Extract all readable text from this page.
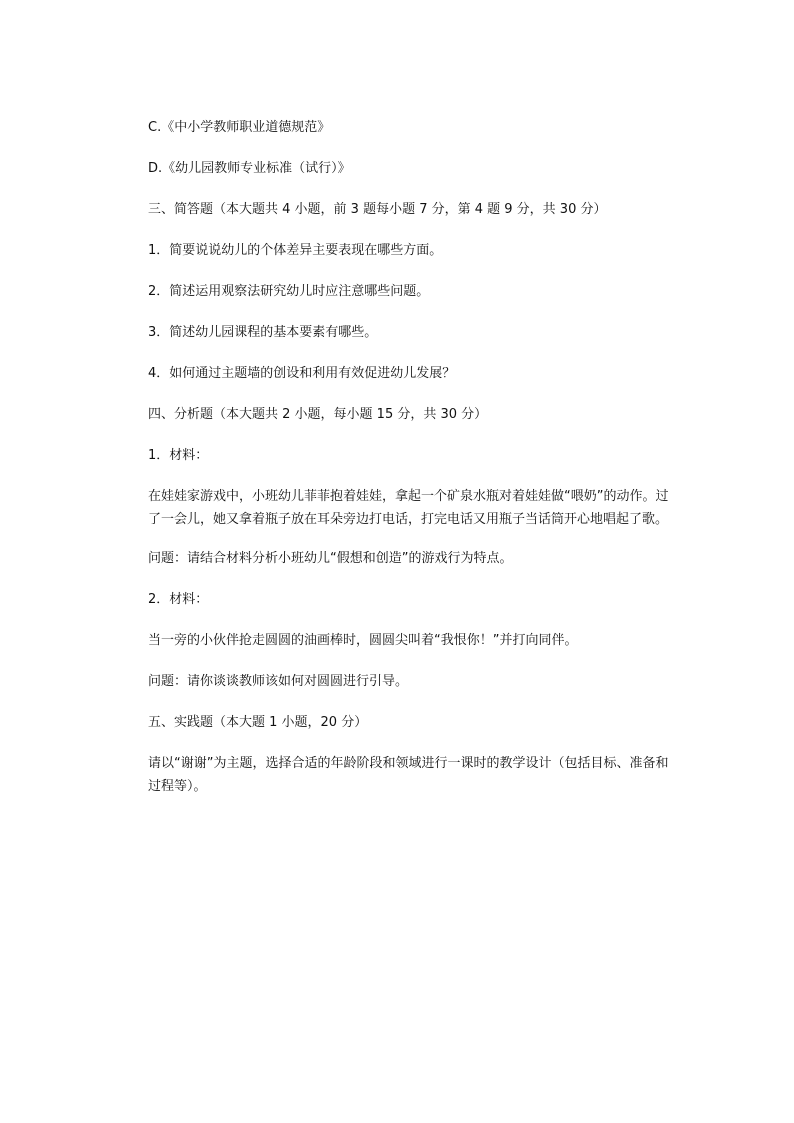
C.《中小学教师职业道德规范》
D.《幼儿园教师专业标准（试行）》
三、简答题（本大题共 4 小题，前 3 题每小题 7 分，第 4 题 9 分，共 30 分）
1．简要说说幼儿的个体差异主要表现在哪些方面。
2．简述运用观察法研究幼儿时应注意哪些问题。
3．简述幼儿园课程的基本要素有哪些。
4．如何通过主题墙的创设和利用有效促进幼儿发展？
四、分析题（本大题共 2 小题，每小题 15 分，共 30 分）
1．材料：
在娃娃家游戏中，小班幼儿菲菲抱着娃娃，拿起一个矿泉水瓶对着娃娃做“喂奶”的动作。过了一会儿，她又拿着瓶子放在耳朵旁边打电话，打完电话又用瓶子当话筒开心地唱起了歌。
问题：请结合材料分析小班幼儿“假想和创造”的游戏行为特点。
2．材料：
当一旁的小伙伴抢走圆圆的油画棒时，圆圆尖叫着“我恨你！”并打向同伴。
问题：请你谈谈教师该如何对圆圆进行引导。
五、实践题（本大题 1 小题，20 分）
请以“谢谢”为主题，选择合适的年龄阶段和领域进行一课时的教学设计（包括目标、准备和过程等）。
